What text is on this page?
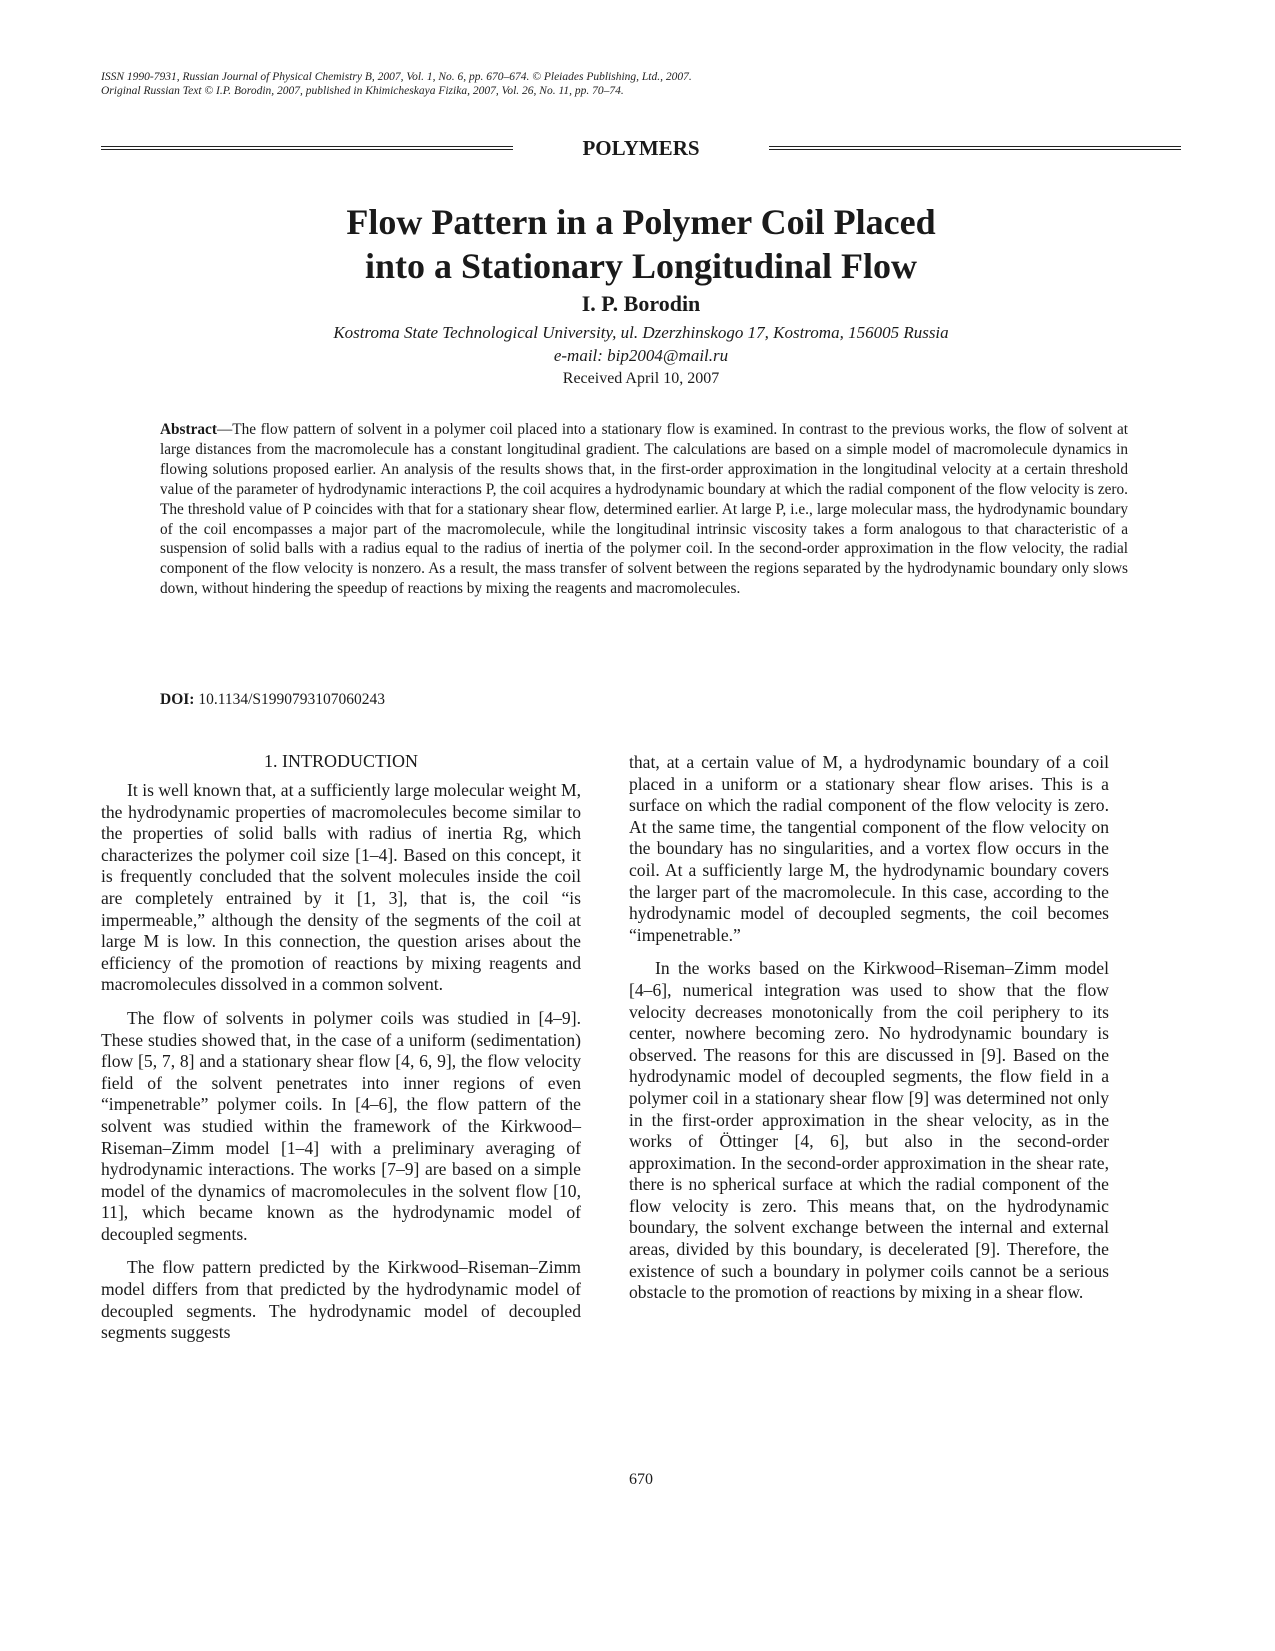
ISSN 1990-7931, Russian Journal of Physical Chemistry B, 2007, Vol. 1, No. 6, pp. 670–674. © Pleiades Publishing, Ltd., 2007.
Original Russian Text © I.P. Borodin, 2007, published in Khimicheskaya Fizika, 2007, Vol. 26, No. 11, pp. 70–74.
POLYMERS
Flow Pattern in a Polymer Coil Placed
into a Stationary Longitudinal Flow
I. P. Borodin
Kostroma State Technological University, ul. Dzerzhinskogo 17, Kostroma, 156005 Russia
e-mail: bip2004@mail.ru
Received April 10, 2007
Abstract—The flow pattern of solvent in a polymer coil placed into a stationary flow is examined. In contrast to the previous works, the flow of solvent at large distances from the macromolecule has a constant longitudinal gradient. The calculations are based on a simple model of macromolecule dynamics in flowing solutions proposed earlier. An analysis of the results shows that, in the first-order approximation in the longitudinal velocity at a certain threshold value of the parameter of hydrodynamic interactions P, the coil acquires a hydrodynamic boundary at which the radial component of the flow velocity is zero. The threshold value of P coincides with that for a stationary shear flow, determined earlier. At large P, i.e., large molecular mass, the hydrodynamic boundary of the coil encompasses a major part of the macromolecule, while the longitudinal intrinsic viscosity takes a form analogous to that characteristic of a suspension of solid balls with a radius equal to the radius of inertia of the polymer coil. In the second-order approximation in the flow velocity, the radial component of the flow velocity is nonzero. As a result, the mass transfer of solvent between the regions separated by the hydrodynamic boundary only slows down, without hindering the speedup of reactions by mixing the reagents and macromolecules.
DOI: 10.1134/S1990793107060243
1. INTRODUCTION

It is well known that, at a sufficiently large molecular weight M, the hydrodynamic properties of macromolecules become similar to the properties of solid balls with radius of inertia Rg, which characterizes the polymer coil size [1–4]. Based on this concept, it is frequently concluded that the solvent molecules inside the coil are completely entrained by it [1, 3], that is, the coil “is impermeable,” although the density of the segments of the coil at large M is low. In this connection, the question arises about the efficiency of the promotion of reactions by mixing reagents and macromolecules dissolved in a common solvent.

The flow of solvents in polymer coils was studied in [4–9]. These studies showed that, in the case of a uniform (sedimentation) flow [5, 7, 8] and a stationary shear flow [4, 6, 9], the flow velocity field of the solvent penetrates into inner regions of even “impenetrable” polymer coils. In [4–6], the flow pattern of the solvent was studied within the framework of the Kirkwood–Riseman–Zimm model [1–4] with a preliminary averaging of hydrodynamic interactions. The works [7–9] are based on a simple model of the dynamics of macromolecules in the solvent flow [10, 11], which became known as the hydrodynamic model of decoupled segments.

The flow pattern predicted by the Kirkwood–Riseman–Zimm model differs from that predicted by the hydrodynamic model of decoupled segments. The hydrodynamic model of decoupled segments suggests

that, at a certain value of M, a hydrodynamic boundary of a coil placed in a uniform or a stationary shear flow arises. This is a surface on which the radial component of the flow velocity is zero. At the same time, the tangential component of the flow velocity on the boundary has no singularities, and a vortex flow occurs in the coil. At a sufficiently large M, the hydrodynamic boundary covers the larger part of the macromolecule. In this case, according to the hydrodynamic model of decoupled segments, the coil becomes “impenetrable.”

In the works based on the Kirkwood–Riseman–Zimm model [4–6], numerical integration was used to show that the flow velocity decreases monotonically from the coil periphery to its center, nowhere becoming zero. No hydrodynamic boundary is observed. The reasons for this are discussed in [9]. Based on the hydrodynamic model of decoupled segments, the flow field in a polymer coil in a stationary shear flow [9] was determined not only in the first-order approximation in the shear velocity, as in the works of Öttinger [4, 6], but also in the second-order approximation. In the second-order approximation in the shear rate, there is no spherical surface at which the radial component of the flow velocity is zero. This means that, on the hydrodynamic boundary, the solvent exchange between the internal and external areas, divided by this boundary, is decelerated [9]. Therefore, the existence of such a boundary in polymer coils cannot be a serious obstacle to the promotion of reactions by mixing in a shear flow.

670
